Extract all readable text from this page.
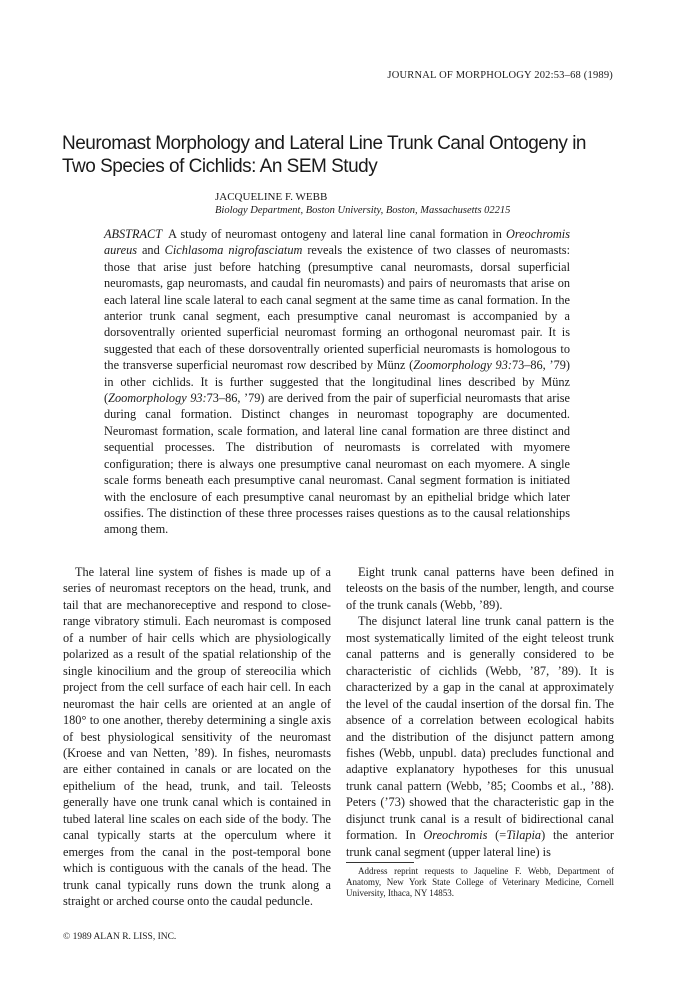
JOURNAL OF MORPHOLOGY 202:53–68 (1989)
Neuromast Morphology and Lateral Line Trunk Canal Ontogeny in Two Species of Cichlids: An SEM Study
JACQUELINE F. WEBB
Biology Department, Boston University, Boston, Massachusetts 02215

ABSTRACT A study of neuromast ontogeny and lateral line canal formation in Oreochromis aureus and Cichlasoma nigrofasciatum reveals the existence of two classes of neuromasts: those that arise just before hatching (presumptive canal neuromasts, dorsal superficial neuromasts, gap neuromasts, and caudal fin neuromasts) and pairs of neuromasts that arise on each lateral line scale lateral to each canal segment at the same time as canal formation. In the anterior trunk canal segment, each presumptive canal neuromast is accompanied by a dorsoventrally oriented superficial neuromast forming an orthogonal neuromast pair. It is suggested that each of these dorsoventrally oriented superficial neuromasts is homologous to the transverse superficial neuromast row described by Münz (Zoomorphology 93:73–86, ’79) in other cichlids. It is further suggested that the longitudinal lines described by Münz (Zoomorphology 93:73–86, ’79) are derived from the pair of superficial neuromasts that arise during canal formation. Distinct changes in neuromast topography are documented. Neuromast formation, scale formation, and lateral line canal formation are three distinct and sequential processes. The distribution of neuromasts is correlated with myomere configuration; there is always one presumptive canal neuromast on each myomere. A single scale forms beneath each presumptive canal neuromast. Canal segment formation is initiated with the enclosure of each presumptive canal neuromast by an epithelial bridge which later ossifies. The distinction of these three processes raises questions as to the causal relationships among them.

The lateral line system of fishes is made up of a series of neuromast receptors on the head, trunk, and tail that are mechanoreceptive and respond to close-range vibratory stimuli. Each neuromast is composed of a number of hair cells which are physiologically polarized as a result of the spatial relationship of the single kinocilium and the group of stereocilia which project from the cell surface of each hair cell. In each neuromast the hair cells are oriented at an angle of 180° to one another, thereby determining a single axis of best physiological sensitivity of the neuromast (Kroese and van Netten, ’89). In fishes, neuromasts are either contained in canals or are located on the epithelium of the head, trunk, and tail. Teleosts generally have one trunk canal which is contained in tubed lateral line scales on each side of the body. The canal typically starts at the operculum where it emerges from the canal in the post-temporal bone which is contiguous with the canals of the head. The trunk canal typically runs down the trunk along a straight or arched course onto the caudal peduncle.

Eight trunk canal patterns have been defined in teleosts on the basis of the number, length, and course of the trunk canals (Webb, ’89).

The disjunct lateral line trunk canal pattern is the most systematically limited of the eight teleost trunk canal patterns and is generally considered to be characteristic of cichlids (Webb, ’87, ’89). It is characterized by a gap in the canal at approximately the level of the caudal insertion of the dorsal fin. The absence of a correlation between ecological habits and the distribution of the disjunct pattern among fishes (Webb, unpubl. data) precludes functional and adaptive explanatory hypotheses for this unusual trunk canal pattern (Webb, ’85; Coombs et al., ’88). Peters (’73) showed that the characteristic gap in the disjunct trunk canal is a result of bidirectional canal formation. In Oreochromis (=Tilapia) the anterior trunk canal segment (upper lateral line) is

Address reprint requests to Jaqueline F. Webb, Department of Anatomy, New York State College of Veterinary Medicine, Cornell University, Ithaca, NY 14853.

© 1989 ALAN R. LISS, INC.
